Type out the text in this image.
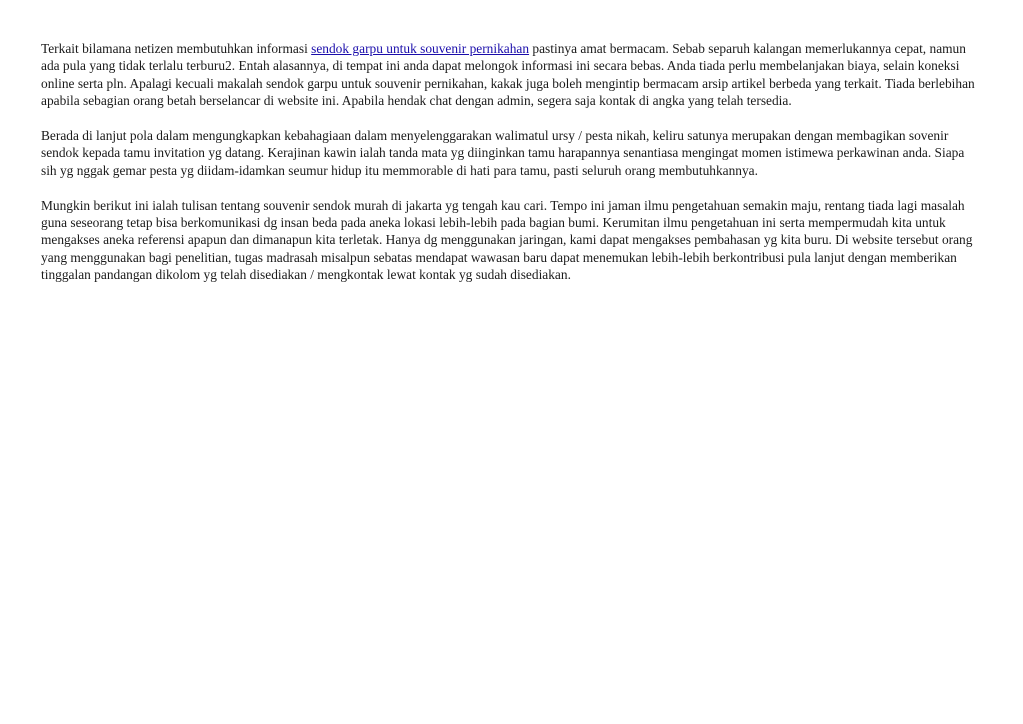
Terkait bilamana netizen membutuhkan informasi sendok garpu untuk souvenir pernikahan pastinya amat bermacam. Sebab separuh kalangan memerlukannya cepat, namun ada pula yang tidak terlalu terburu2. Entah alasannya, di tempat ini anda dapat melongok informasi ini secara bebas. Anda tiada perlu membelanjakan biaya, selain koneksi online serta pln. Apalagi kecuali makalah sendok garpu untuk souvenir pernikahan, kakak juga boleh mengintip bermacam arsip artikel berbeda yang terkait. Tiada berlebihan apabila sebagian orang betah berselancar di website ini. Apabila hendak chat dengan admin, segera saja kontak di angka yang telah tersedia.

Berada di lanjut pola dalam mengungkapkan kebahagiaan dalam menyelenggarakan walimatul ursy / pesta nikah, keliru satunya merupakan dengan membagikan sovenir sendok kepada tamu invitation yg datang. Kerajinan kawin ialah tanda mata yg diinginkan tamu harapannya senantiasa mengingat momen istimewa perkawinan anda. Siapa sih yg nggak gemar pesta yg diidam-idamkan seumur hidup itu memmorable di hati para tamu, pasti seluruh orang membutuhkannya.

Mungkin berikut ini ialah tulisan tentang souvenir sendok murah di jakarta yg tengah kau cari. Tempo ini jaman ilmu pengetahuan semakin maju, rentang tiada lagi masalah guna seseorang tetap bisa berkomunikasi dg insan beda pada aneka lokasi lebih-lebih pada bagian bumi. Kerumitan ilmu pengetahuan ini serta mempermudah kita untuk mengakses aneka referensi apapun dan dimanapun kita terletak. Hanya dg menggunakan jaringan, kami dapat mengakses pembahasan yg kita buru. Di website tersebut orang yang menggunakan bagi penelitian, tugas madrasah misalpun sebatas mendapat wawasan baru dapat menemukan lebih-lebih berkontribusi pula lanjut dengan memberikan tinggalan pandangan dikolom yg telah disediakan / mengkontak lewat kontak yg sudah disediakan.
